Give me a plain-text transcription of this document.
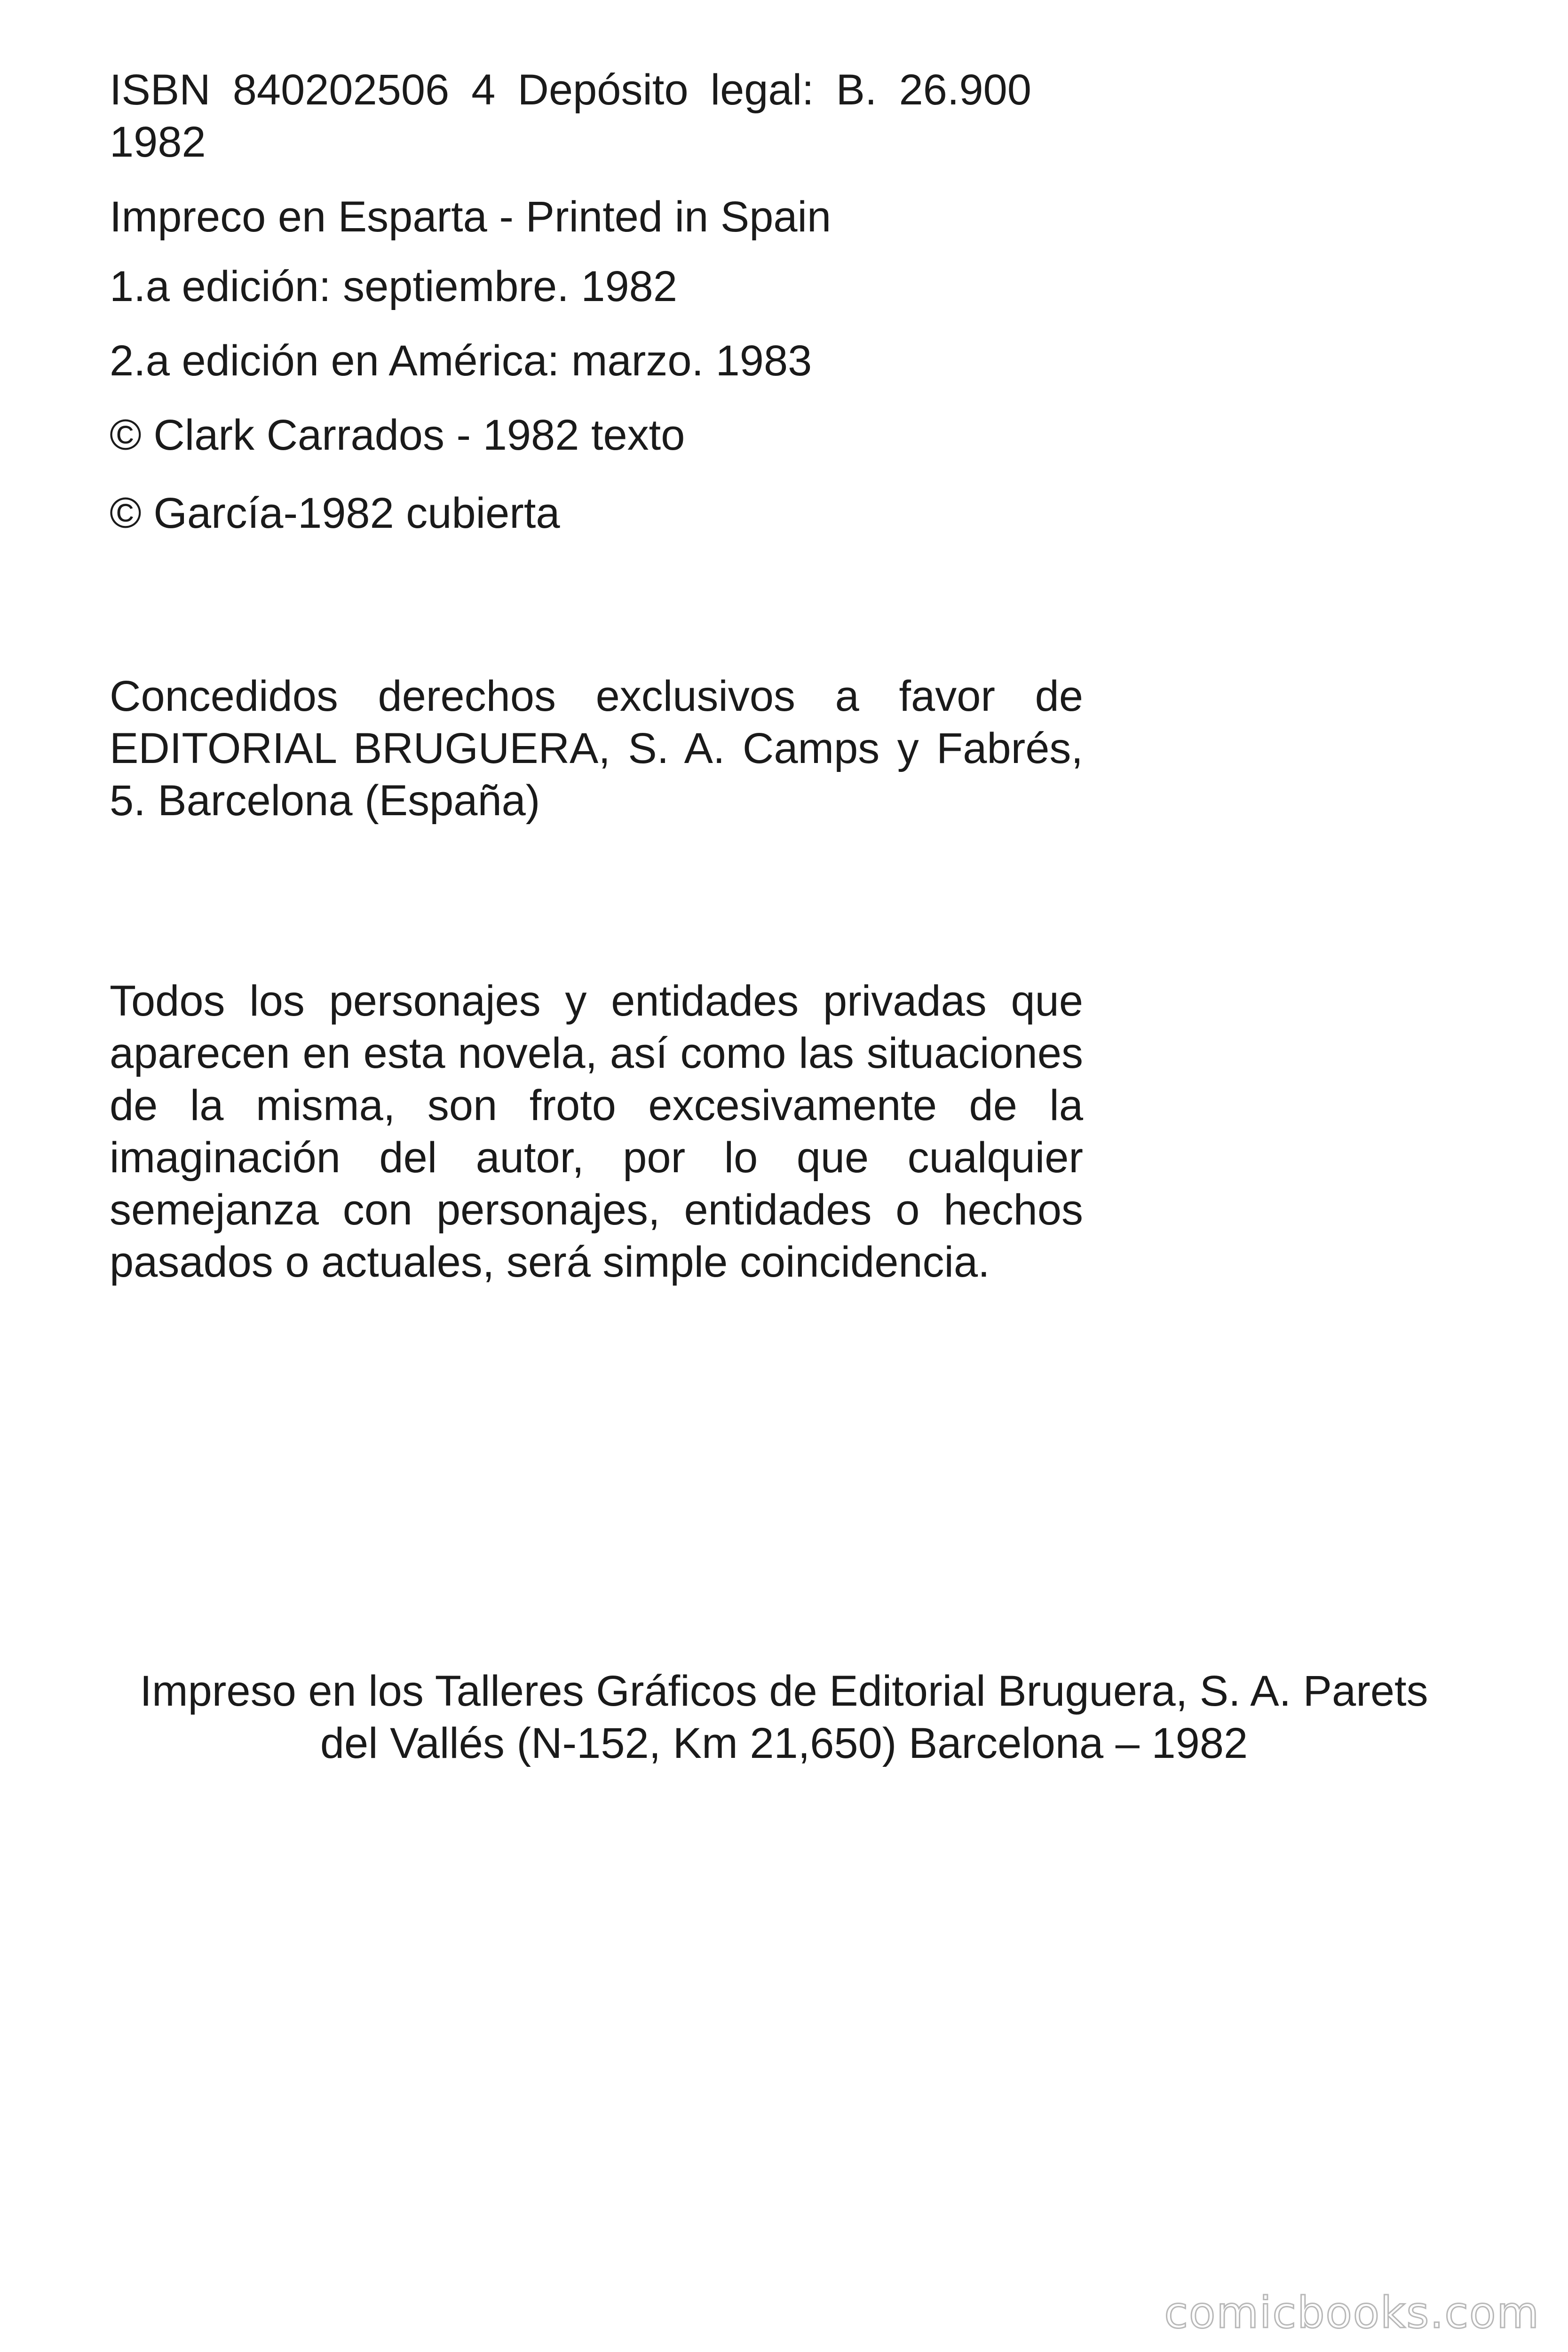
ISBN 840202506 4 Depósito legal: B. 26.900 1982

Impreco en Esparta - Printed in Spain

1.a edición: septiembre. 1982

2.a edición en América: marzo. 1983

© Clark Carrados - 1982 texto

© García-1982 cubierta

Concedidos derechos exclusivos a favor de EDITORIAL BRUGUERA, S. A. Camps y Fabrés, 5. Barcelona (España)

Todos los personajes y entidades privadas que aparecen en esta novela, así como las situaciones de la misma, son froto excesivamente de la imaginación del autor, por lo que cualquier semejanza con personajes, entidades o hechos pasados o actuales, será simple coincidencia.

Impreso en los Talleres Gráficos de Editorial Bruguera, S. A. Parets
del Vallés (N-152, Km 21,650) Barcelona – 1982
comicbooks.com
